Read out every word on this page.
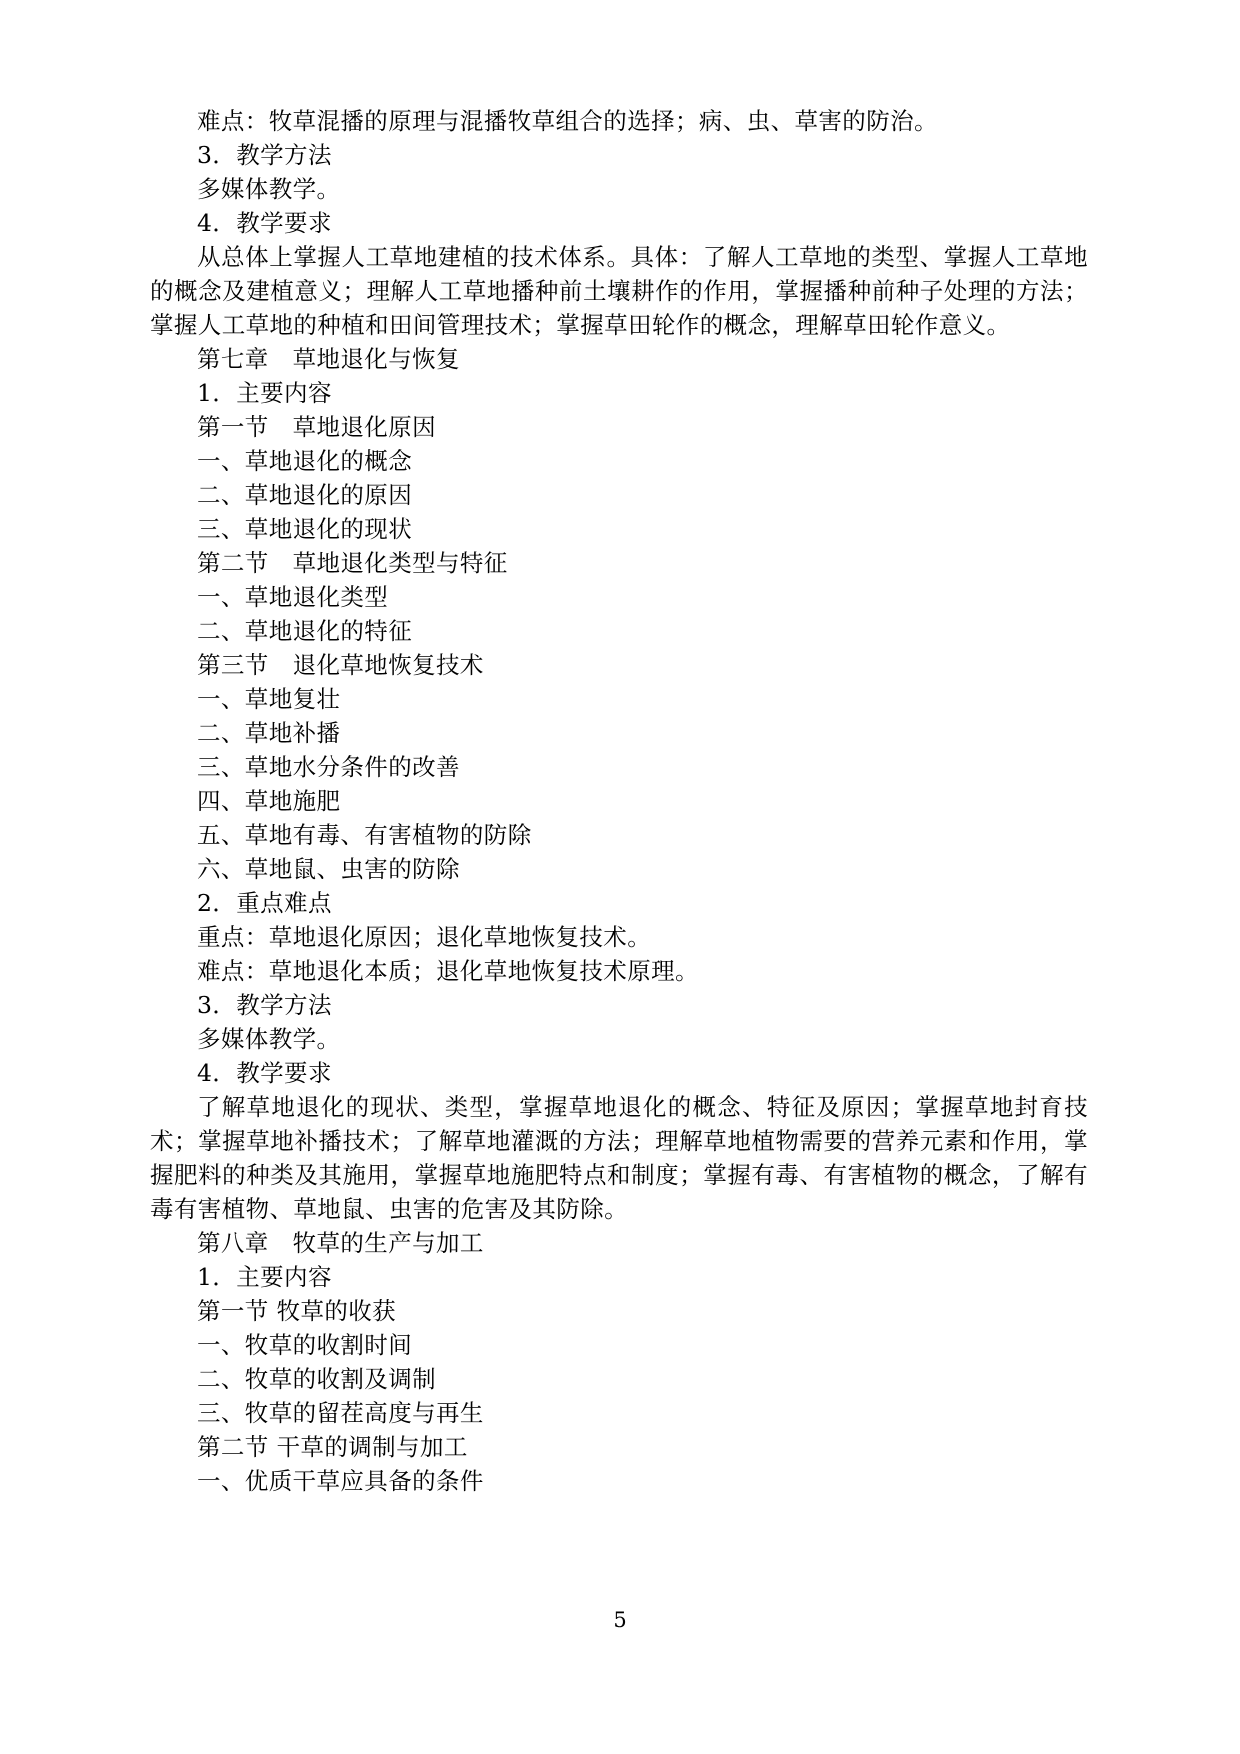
难点：牧草混播的原理与混播牧草组合的选择；病、虫、草害的防治。
3．教学方法
多媒体教学。
4．教学要求
从总体上掌握人工草地建植的技术体系。具体：了解人工草地的类型、掌握人工草地的概念及建植意义；理解人工草地播种前土壤耕作的作用，掌握播种前种子处理的方法；掌握人工草地的种植和田间管理技术；掌握草田轮作的概念，理解草田轮作意义。
第七章　草地退化与恢复
1．主要内容
第一节　草地退化原因
一、草地退化的概念
二、草地退化的原因
三、草地退化的现状
第二节　草地退化类型与特征
一、草地退化类型
二、草地退化的特征
第三节　退化草地恢复技术
一、草地复壮
二、草地补播
三、草地水分条件的改善
四、草地施肥
五、草地有毒、有害植物的防除
六、草地鼠、虫害的防除
2．重点难点
重点：草地退化原因；退化草地恢复技术。
难点：草地退化本质；退化草地恢复技术原理。
3．教学方法
多媒体教学。
4．教学要求
了解草地退化的现状、类型，掌握草地退化的概念、特征及原因；掌握草地封育技术；掌握草地补播技术；了解草地灌溉的方法；理解草地植物需要的营养元素和作用，掌握肥料的种类及其施用，掌握草地施肥特点和制度；掌握有毒、有害植物的概念，了解有毒有害植物、草地鼠、虫害的危害及其防除。
第八章　牧草的生产与加工
1．主要内容
第一节 牧草的收获
一、牧草的收割时间
二、牧草的收割及调制
三、牧草的留茬高度与再生
第二节 干草的调制与加工
一、优质干草应具备的条件
5
